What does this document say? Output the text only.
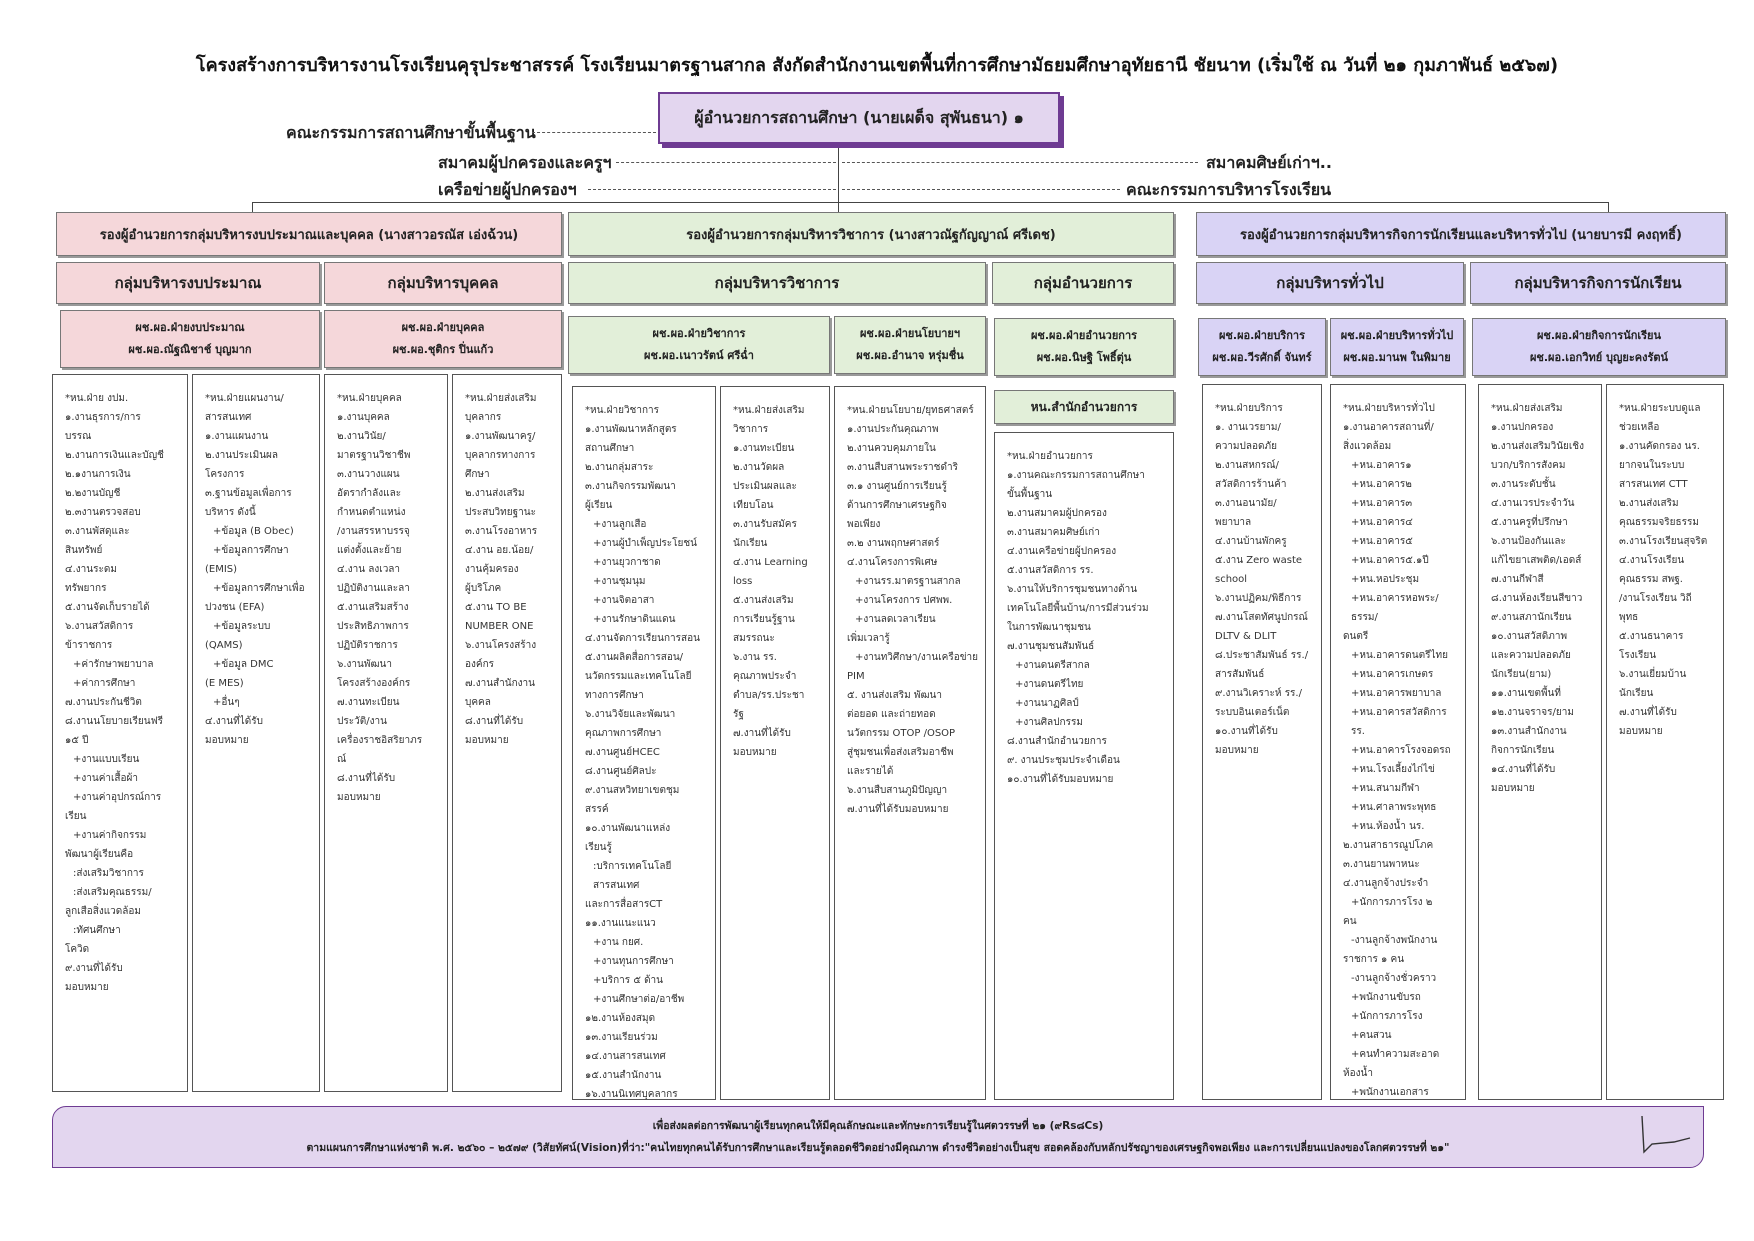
โครงสร้างการบริหารงานโรงเรียนคุรุประชาสรรค์ โรงเรียนมาตรฐานสากล สังกัดสำนักงานเขตพื้นที่การศึกษามัธยมศึกษาอุทัยธานี ชัยนาท (เริ่มใช้ ณ วันที่ ๒๑ กุมภาพันธ์ ๒๕๖๗)
ผู้อำนวยการสถานศึกษา (นายเผด็จ สุพันธนา) ๑
คณะกรรมการสถานศึกษาขั้นพื้นฐาน
สมาคมผู้ปกครองและครูฯ	สมาคมศิษย์เก่าฯ..
เครือข่ายผู้ปกครองฯ	คณะกรรมการบริหารโรงเรียน
รองผู้อำนวยการกลุ่มบริหารงบประมาณและบุคคล (นางสาวอรณัส เอ่งฉ้วน)	รองผู้อำนวยการกลุ่มบริหารวิชาการ (นางสาวณัฐกัญญาณ์ ศรีเดช)	รองผู้อำนวยการกลุ่มบริหารกิจการนักเรียนและบริหารทั่วไป (นายบารมี คงฤทธิ์)
กลุ่มบริหารงบประมาณ	กลุ่มบริหารบุคคล	กลุ่มบริหารวิชาการ	กลุ่มอำนวยการ	กลุ่มบริหารทั่วไป	กลุ่มบริหารกิจการนักเรียน
ผช.ผอ.ฝ่ายงบประมาณ
ผช.ผอ.ณัฐณิชาช์ บุญมาก
ผช.ผอ.ฝ่ายบุคคล
ผช.ผอ.ชุติกร ปิ่นแก้ว
ผช.ผอ.ฝ่ายวิชาการ
ผช.ผอ.เนาวรัตน์ ศรีฉ่ำ
ผช.ผอ.ฝ่ายนโยบายฯ
ผช.ผอ.อำนาจ หรุ่มชื่น
ผช.ผอ.ฝ่ายอำนวยการ
ผช.ผอ.นิษฐิ โพธิ์ตุ่น
ผช.ผอ.ฝ่ายบริการ
ผช.ผอ.วีรศักดิ์ จันทร์
ผช.ผอ.ฝ่ายบริหารทั่วไป
ผช.ผอ.มานพ ในพิมาย
ผช.ผอ.ฝ่ายกิจการนักเรียน
ผช.ผอ.เอกวิทย์ บุญยะคงรัตน์
หน.สำนักอำนวยการ
*หน.ฝ่าย งปม.
๑.งานธุรการ/การ
บรรณ
๒.งานการเงินและบัญชี
๒.๑งานการเงิน
๒.๒งานบัญชี
๒.๓งานตรวจสอบ
๓.งานพัสดุและ
สินทรัพย์
๔.งานระดม
ทรัพยากร
๕.งานจัดเก็บรายได้
๖.งานสวัสดิการ
ข้าราชการ
+ค่ารักษาพยาบาล
+ค่าการศึกษา
๗.งานประกันชีวิต
๘.งานนโยบายเรียนฟรี
๑๕ ปี
+งานแบบเรียน
+งานค่าเสื้อผ้า
+งานค่าอุปกรณ์การ
เรียน
+งานค่ากิจกรรม
พัฒนาผู้เรียนคือ
:ส่งเสริมวิชาการ
:ส่งเสริมคุณธรรม/
ลูกเสือสิ่งแวดล้อม
:ทัศนศึกษา
โควิด
๙.งานที่ได้รับ
มอบหมาย
*หน.ฝ่ายแผนงาน/
สารสนเทศ
๑.งานแผนงาน
๒.งานประเมินผล
โครงการ
๓.ฐานข้อมูลเพื่อการ
บริหาร ดังนี้
+ข้อมูล (B Obec)
+ข้อมูลการศึกษา
(EMIS)
+ข้อมูลการศึกษาเพื่อ
ปวงชน (EFA)
+ข้อมูลระบบ
(QAMS)
+ข้อมูล DMC
(E MES)
+อื่นๆ
๔.งานที่ได้รับ
มอบหมาย
*หน.ฝ่ายบุคคล
๑.งานบุคคล
๒.งานวินัย/
มาตรฐานวิชาชีพ
๓.งานวางแผน
อัตรากำลังและ
กำหนดตำแหน่ง
/งานสรรหาบรรจุ
แต่งตั้งและย้าย
๔.งาน ลงเวลา
ปฏิบัติงานและลา
๕.งานเสริมสร้าง
ประสิทธิภาพการ
ปฏิบัติราชการ
๖.งานพัฒนา
โครงสร้างองค์กร
๗.งานทะเบียน
ประวัติ/งาน
เครื่องราชอิสริยาภร
ณ์
๘.งานที่ได้รับ
มอบหมาย
*หน.ฝ่ายส่งเสริม
บุคลากร
๑.งานพัฒนาครู/
บุคลากรทางการ
ศึกษา
๒.งานส่งเสริม
ประสบวิทยฐานะ
๓.งานโรงอาหาร
๔.งาน อย.น้อย/
งานคุ้มครอง
ผู้บริโภค
๕.งาน TO BE
NUMBER ONE
๖.งานโครงสร้าง
องค์กร
๗.งานสำนักงาน
บุคคล
๘.งานที่ได้รับ
มอบหมาย
*หน.ฝ่ายวิชาการ
๑.งานพัฒนาหลักสูตร
สถานศึกษา
๒.งานกลุ่มสาระ
๓.งานกิจกรรมพัฒนา
ผู้เรียน
+งานลูกเสือ
+งานผู้บำเพ็ญประโยชน์
+งานยุวกาชาด
+งานชุมนุม
+งานจิตอาสา
+งานรักษาดินแดน
๔.งานจัดการเรียนการสอน
๕.งานผลิตสื่อการสอน/
นวัตกรรมและเทคโนโลยี
ทางการศึกษา
๖.งานวิจัยและพัฒนา
คุณภาพการศึกษา
๗.งานศูนย์HCEC
๘.งานศูนย์ศิลปะ
๙.งานสหวิทยาเขตชุม
สรรค์
๑๐.งานพัฒนาแหล่ง
เรียนรู้
:บริการเทคโนโลยีสารสนเทศ
และการสื่อสารCT
๑๑.งานแนะแนว
+งาน กยศ.
+งานทุนการศึกษา
+บริการ ๕ ด้าน
+งานศึกษาต่อ/อาชีพ
๑๒.งานห้องสมุด
๑๓.งานเรียนร่วม
๑๔.งานสารสนเทศ
๑๕.งานสำนักงาน
๑๖.งานนิเทศบุคลากร
*หน.ฝ่ายส่งเสริม
วิชาการ
๑.งานทะเบียน
๒.งานวัดผล
ประเมินผลและ
เทียบโอน
๓.งานรับสมัคร
นักเรียน
๔.งาน Learning
loss
๕.งานส่งเสริม
การเรียนรู้ฐาน
สมรรถนะ
๖.งาน รร.
คุณภาพประจำ
ตำบล/รร.ประชา
รัฐ
๗.งานที่ได้รับ
มอบหมาย
*หน.ฝ่ายนโยบาย/ยุทธศาสตร์
๑.งานประกันคุณภาพ
๒.งานควบคุมภายใน
๓.งานสืบสานพระราชดำริ
๓.๑ งานศูนย์การเรียนรู้
ด้านการศึกษาเศรษฐกิจ
พอเพียง
๓.๒ งานพฤกษศาสตร์
๔.งานโครงการพิเศษ
+งานรร.มาตรฐานสากล
+งานโครงการ ปศพพ.
+งานลดเวลาเรียน
เพิ่มเวลารู้
+งานทวิศึกษา/งานเครือข่าย
PIM
๕. งานส่งเสริม พัฒนา
ต่อยอด และถ่ายทอด
นวัตกรรม OTOP /OSOP
สู่ชุมชนเพื่อส่งเสริมอาชีพ
และรายได้
๖.งานสืบสานภูมิปัญญา
๗.งานที่ได้รับมอบหมาย
*หน.ฝ่ายอำนวยการ
๑.งานคณะกรรมการสถานศึกษา
ขั้นพื้นฐาน
๒.งานสมาคมผู้ปกครอง
๓.งานสมาคมศิษย์เก่า
๔.งานเครือข่ายผู้ปกครอง
๕.งานสวัสดิการ รร.
๖.งานให้บริการชุมชนทางด้าน
เทคโนโลยีพื้นบ้าน/การมีส่วนร่วม
ในการพัฒนาชุมชน
๗.งานชุมชนสัมพันธ์
+งานดนตรีสากล
+งานดนตรีไทย
+งานนาฏศิลป์
+งานศิลปกรรม
๘.งานสำนักอำนวยการ
๙. งานประชุมประจำเดือน
๑๐.งานที่ได้รับมอบหมาย
*หน.ฝ่ายบริการ
๑. งานเวรยาม/
ความปลอดภัย
๒.งานสหกรณ์/
สวัสดิการร้านค้า
๓.งานอนามัย/
พยาบาล
๔.งานบ้านพักครู
๕.งาน Zero waste
school
๖.งานปฏิคม/พิธีการ
๗.งานโสตทัศนูปกรณ์
DLTV & DLIT
๘.ประชาสัมพันธ์ รร./
สารสัมพันธ์
๙.งานวิเคราะห์ รร./
ระบบอินเตอร์เน็ต
๑๐.งานที่ได้รับ
มอบหมาย
*หน.ฝ่ายบริหารทั่วไป
๑.งานอาคารสถานที่/
สิ่งแวดล้อม
+หน.อาคาร๑
+หน.อาคาร๒
+หน.อาคาร๓
+หน.อาคาร๔
+หน.อาคาร๕
+หน.อาคาร๕.๑ปี
+หน.หอประชุม
+หน.อาคารหอพระ/ธรรม/
ดนตรี
+หน.อาคารดนตรีไทย
+หน.อาคารเกษตร
+หน.อาคารพยาบาล
+หน.อาคารสวัสดิการ รร.
+หน.อาคารโรงจอดรถ
+หน.โรงเลี้ยงไก่ไข่
+หน.สนามกีฬา
+หน.ศาลาพระพุทธ
+หน.ห้องน้ำ นร.
๒.งานสาธารณูปโภค
๓.งานยานพาหนะ
๔.งานลูกจ้างประจำ
+นักการภารโรง ๒
คน
-งานลูกจ้างพนักงาน
ราชการ ๑ คน
-งานลูกจ้างชั่วคราว
+พนักงานขับรถ
+นักการภารโรง
+คนสวน
+คนทำความสะอาด
ห้องน้ำ
+พนักงานเอกสาร
*หน.ฝ่ายส่งเสริม
๑.งานปกครอง
๒.งานส่งเสริมวินัยเชิง
บวก/บริการสังคม
๓.งานระดับชั้น
๔.งานเวรประจำวัน
๕.งานครูที่ปรึกษา
๖.งานป้องกันและ
แก้ไขยาเสพติด/เอดส์
๗.งานกีฬาสี
๘.งานห้องเรียนสีขาว
๙.งานสภานักเรียน
๑๐.งานสวัสดิภาพ
และความปลอดภัย
นักเรียน(ยาม)
๑๑.งานเขตพื้นที่
๑๒.งานจราจร/ยาม
๑๓.งานสำนักงาน
กิจการนักเรียน
๑๔.งานที่ได้รับ
มอบหมาย
*หน.ฝ่ายระบบดูแล
ช่วยเหลือ
๑.งานคัดกรอง นร.
ยากจนในระบบ
สารสนเทศ CTT
๒.งานส่งเสริม
คุณธรรมจริยธรรม
๓.งานโรงเรียนสุจริต
๔.งานโรงเรียน
คุณธรรม สพฐ.
/งานโรงเรียน วิถี
พุทธ
๕.งานธนาคาร
โรงเรียน
๖.งานเยี่ยมบ้าน
นักเรียน
๗.งานที่ได้รับ
มอบหมาย
เพื่อส่งผลต่อการพัฒนาผู้เรียนทุกคนให้มีคุณลักษณะและทักษะการเรียนรู้ในศตวรรษที่ ๒๑ (๙Rs๘Cs)
ตามแผนการศึกษาแห่งชาติ พ.ศ. ๒๕๖๐ – ๒๕๗๙ (วิสัยทัศน์(Vision)ที่ว่า:"คนไทยทุกคนได้รับการศึกษาและเรียนรู้ตลอดชีวิตอย่างมีคุณภาพ ดำรงชีวิตอย่างเป็นสุข สอดคล้องกับหลักปรัชญาของเศรษฐกิจพอเพียง และการเปลี่ยนแปลงของโลกศตวรรษที่ ๒๑"
